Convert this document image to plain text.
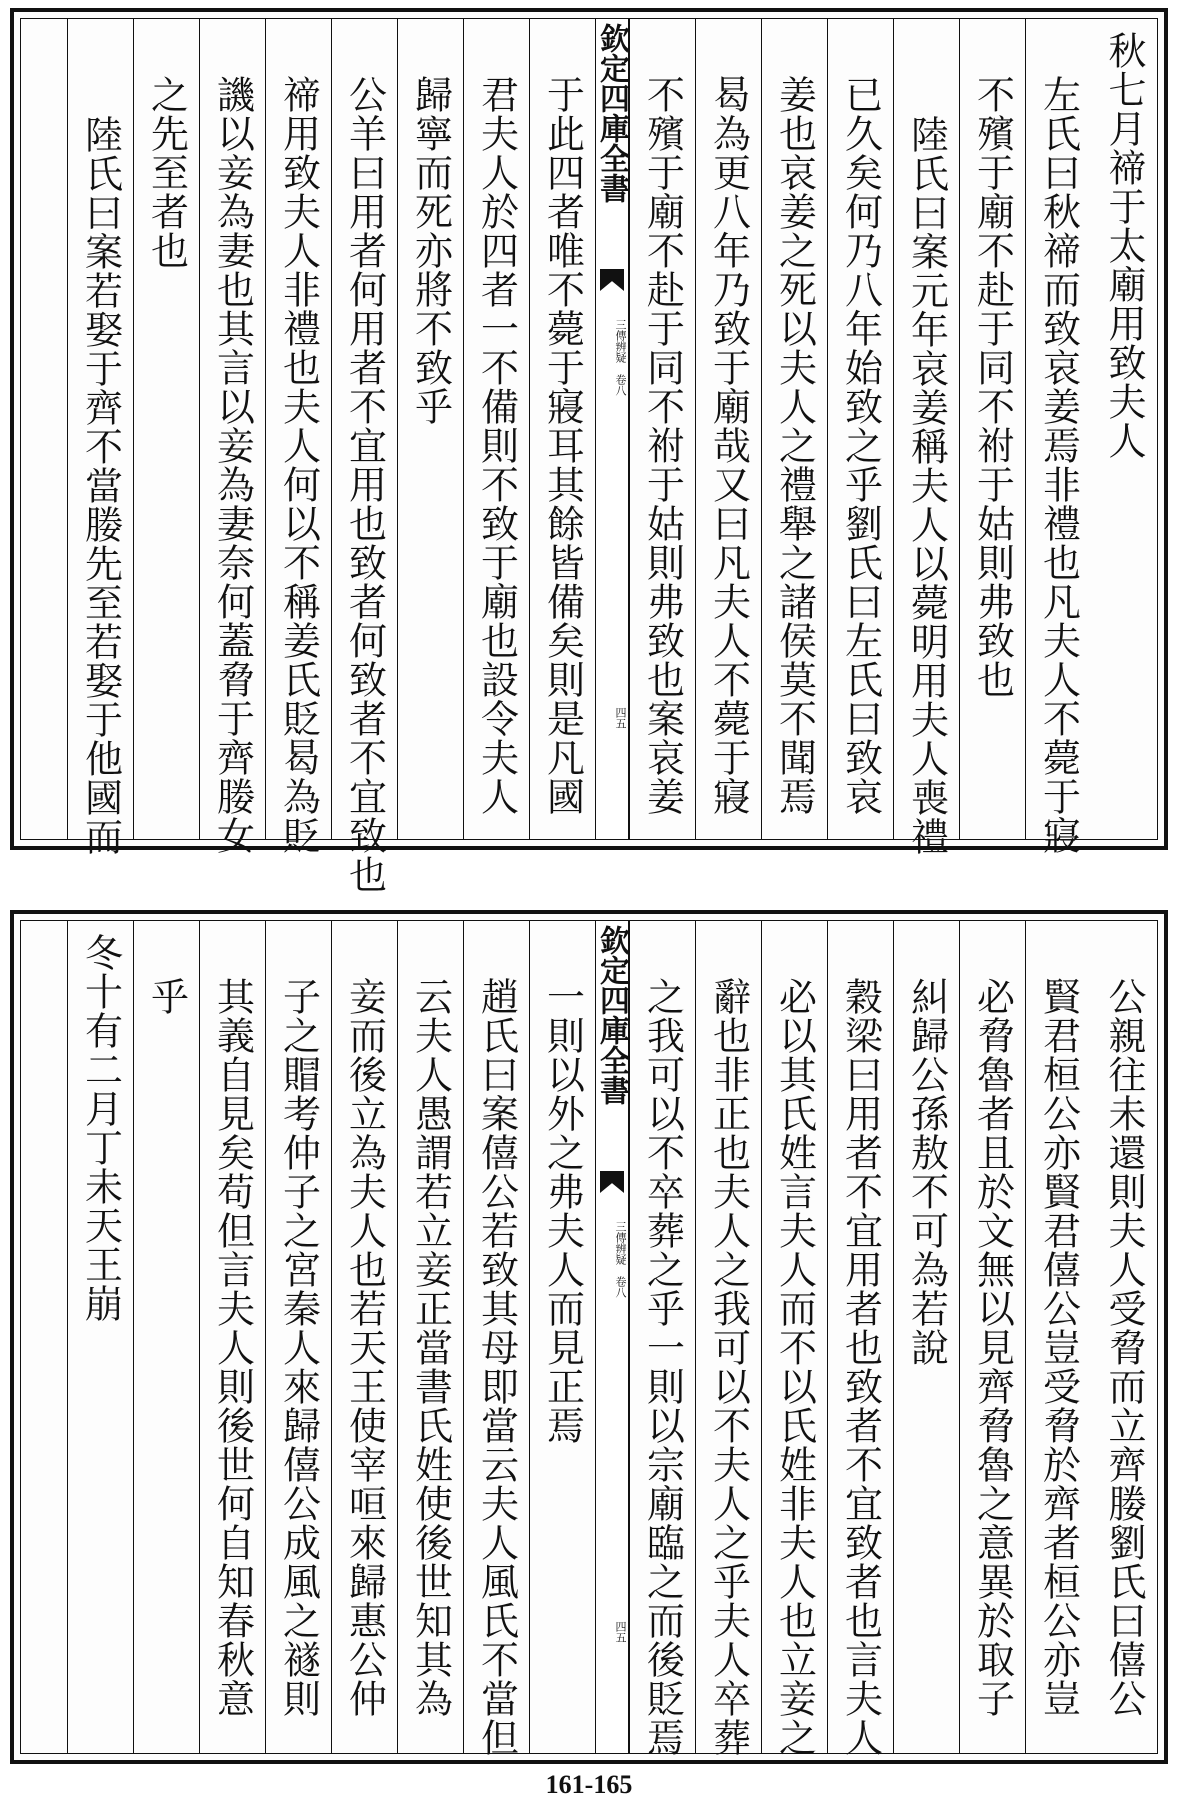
秋七月禘于太廟用致夫人
左氏曰秋禘而致哀姜焉非禮也凡夫人不薨于寢
不殯于廟不赴于同不祔于姑則弗致也
陸氏曰案元年哀姜稱夫人以薨明用夫人喪禮
已久矣何乃八年始致之乎劉氏曰左氏曰致哀
姜也哀姜之死以夫人之禮舉之諸侯莫不聞焉
曷為更八年乃致于廟哉又曰凡夫人不薨于寢
不殯于廟不赴于同不祔于姑則弗致也案哀姜
欽定四庫全書
三傳辨疑　卷八
四五
于此四者唯不薨于寢耳其餘皆備矣則是凡國
君夫人於四者一不備則不致于廟也設令夫人
歸寧而死亦將不致乎
公羊曰用者何用者不宜用也致者何致者不宜致也
禘用致夫人非禮也夫人何以不稱姜氏貶曷為貶
譏以妾為妻也其言以妾為妻奈何蓋脅于齊媵女
之先至者也
陸氏曰案若娶于齊不當媵先至若娶于他國而
公親往未還則夫人受脅而立齊媵劉氏曰僖公
賢君桓公亦賢君僖公豈受脅於齊者桓公亦豈
必脅魯者且於文無以見齊脅魯之意異於取子
糾歸公孫敖不可為若說
穀梁曰用者不宜用者也致者不宜致者也言夫人
必以其氏姓言夫人而不以氏姓非夫人也立妾之
辭也非正也夫人之我可以不夫人之乎夫人卒葬
之我可以不卒葬之乎一則以宗廟臨之而後貶焉
欽定四庫全書
三傳辨疑　卷八
四五
一則以外之弗夫人而見正焉
趙氏曰案僖公若致其母即當云夫人風氏不當但
云夫人愚謂若立妾正當書氏姓使後世知其為
妾而後立為夫人也若天王使宰咺來歸惠公仲
子之賵考仲子之宮秦人來歸僖公成風之禭則
其義自見矣苟但言夫人則後世何自知春秋意
乎
冬十有二月丁未天王崩
161-165
